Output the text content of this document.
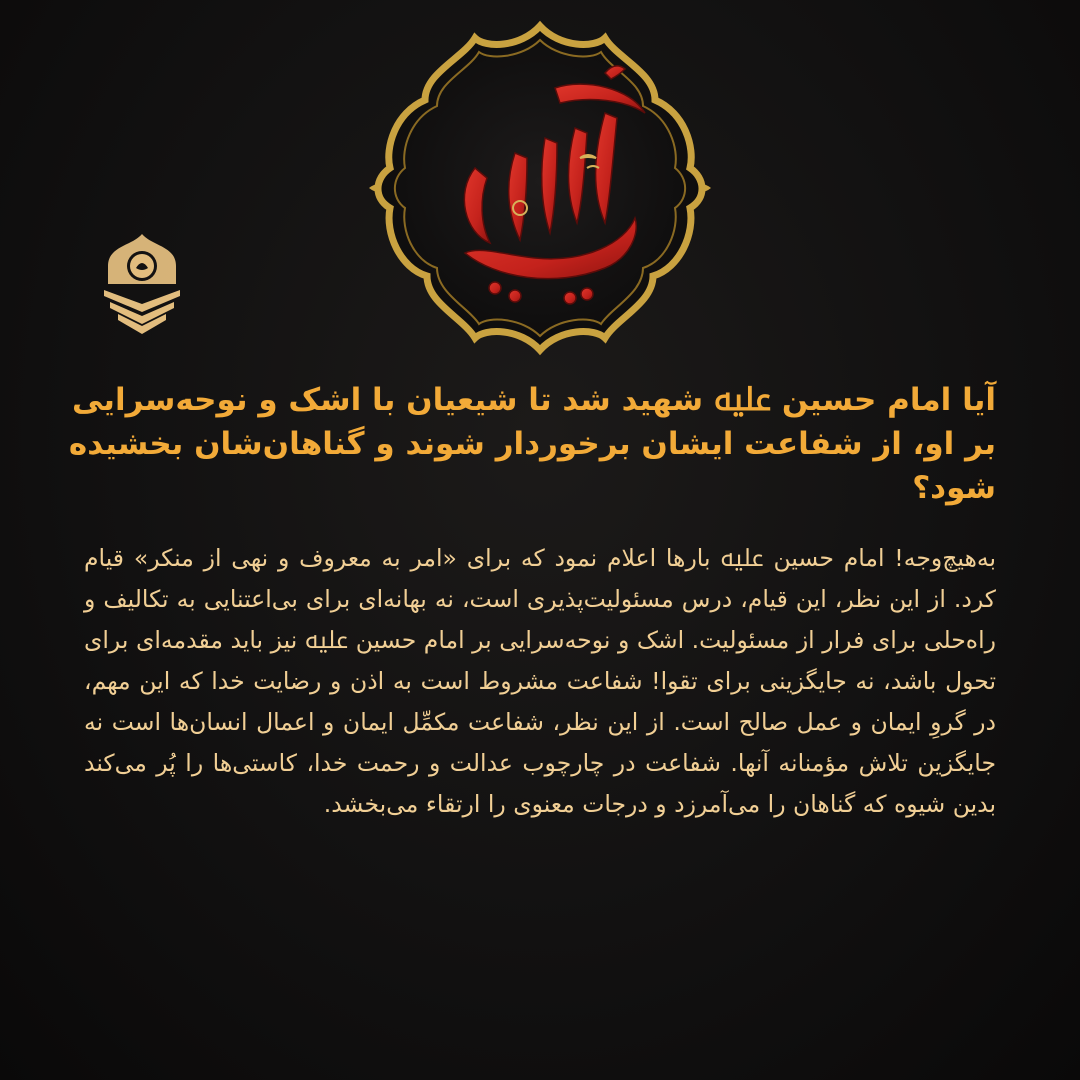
آیا امام حسین ﷷ شهید شد تا شیعیان با اشک و نوحه‌سرایی بر او، از شفاعت ایشان برخوردار شوند و گناهان‌شان بخشیده شود؟
به‌هیچ‌وجه! امام حسین ﷷ بارها اعلام نمود که برای «امر به معروف و نهی از منکر» قیام کرد. از این نظر، این قیام، درس مسئولیت‌پذیری است، نه بهانه‌ای برای بی‌اعتنایی به تکالیف و راه‌حلی برای فرار از مسئولیت. اشک و نوحه‌سرایی بر امام حسین ﷷ نیز باید مقدمه‌ای برای تحول باشد، نه جایگزینی برای تقوا! شفاعت مشروط است به اذن و رضایت خدا که این مهم، در گروِ ایمان و عمل صالح است. از این نظر، شفاعت مکمِّل ایمان و اعمال انسان‌ها است نه جایگزین تلاش مؤمنانه آنها. شفاعت در چارچوب عدالت و رحمت خدا، کاستی‌ها را پُر می‌کند بدین شیوه که گناهان را می‌آمرزد و درجات معنوی را ارتقاء می‌بخشد.
